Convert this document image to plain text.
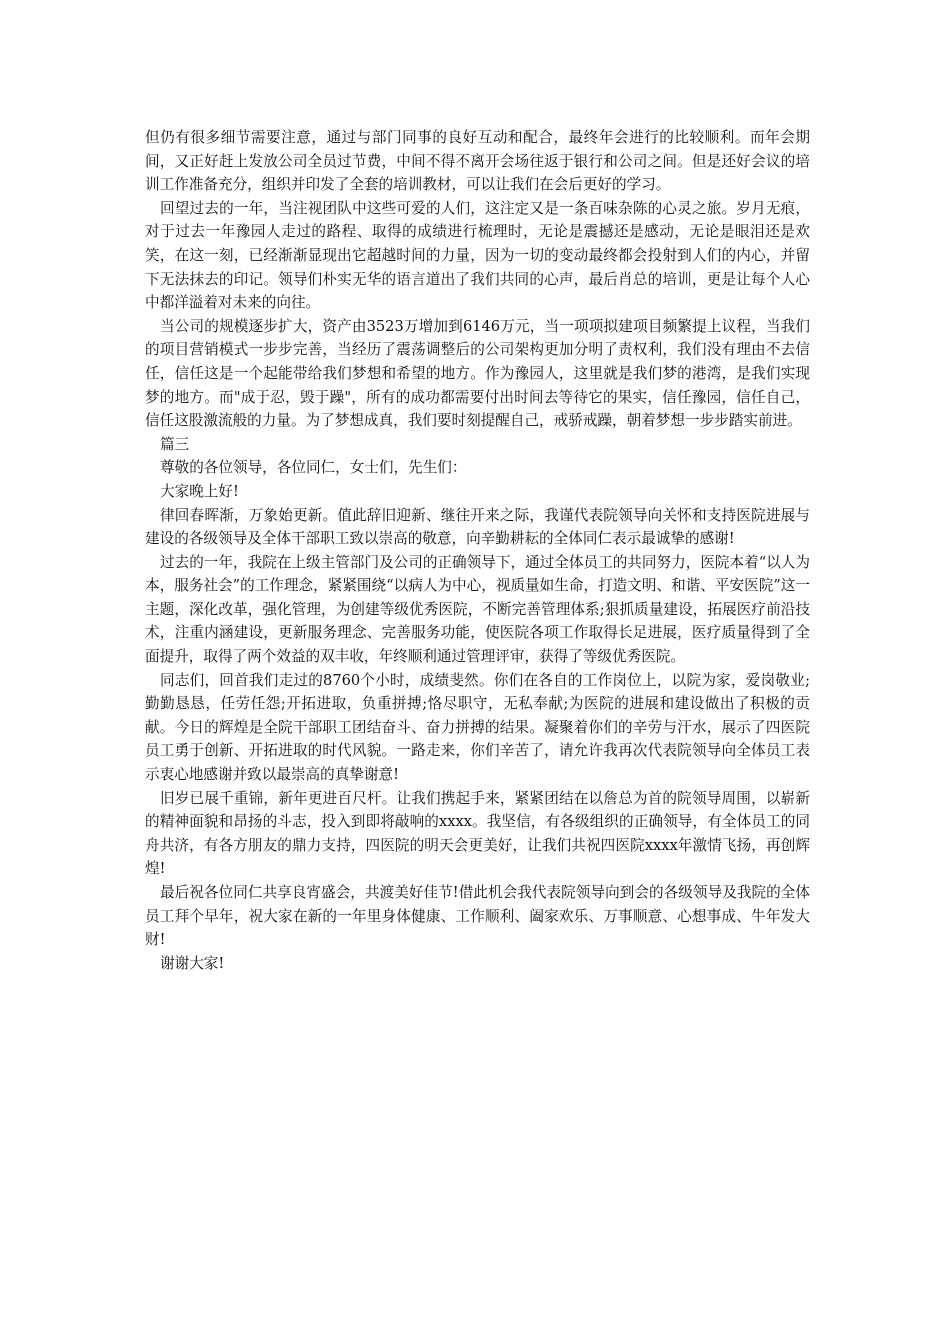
但仍有很多细节需要注意，通过与部门同事的良好互动和配合，最终年会进行的比较顺利。而年会期间，又正好赶上发放公司全员过节费，中间不得不离开会场往返于银行和公司之间。但是还好会议的培训工作准备充分，组织并印发了全套的培训教材，可以让我们在会后更好的学习。

回望过去的一年，当注视团队中这些可爱的人们，这注定又是一条百味杂陈的心灵之旅。岁月无痕，对于过去一年豫园人走过的路程、取得的成绩进行梳理时，无论是震撼还是感动，无论是眼泪还是欢笑，在这一刻，已经渐渐显现出它超越时间的力量，因为一切的变动最终都会投射到人们的内心，并留下无法抹去的印记。领导们朴实无华的语言道出了我们共同的心声，最后肖总的培训，更是让每个人心中都洋溢着对未来的向往。

当公司的规模逐步扩大，资产由3523万增加到6146万元，当一项项拟建项目频繁提上议程，当我们的项目营销模式一步步完善，当经历了震荡调整后的公司架构更加分明了责权利，我们没有理由不去信任，信任这是一个起能带给我们梦想和希望的地方。作为豫园人，这里就是我们梦的港湾，是我们实现梦的地方。而"成于忍，毁于躁"，所有的成功都需要付出时间去等待它的果实，信任豫园，信任自己，信任这股激流般的力量。为了梦想成真，我们要时刻提醒自己，戒骄戒躁，朝着梦想一步步踏实前进。

篇三

尊敬的各位领导，各位同仁，女士们，先生们：

大家晚上好!

律回春晖渐，万象始更新。值此辞旧迎新、继往开来之际，我谨代表院领导向关怀和支持医院进展与建设的各级领导及全体干部职工致以崇高的敬意，向辛勤耕耘的全体同仁表示最诚挚的感谢!

过去的一年，我院在上级主管部门及公司的正确领导下，通过全体员工的共同努力，医院本着“以人为本，服务社会”的工作理念，紧紧围绕“以病人为中心，视质量如生命，打造文明、和谐、平安医院”这一主题，深化改革，强化管理，为创建等级优秀医院，不断完善管理体系;狠抓质量建设，拓展医疗前沿技术，注重内涵建设，更新服务理念、完善服务功能，使医院各项工作取得长足进展，医疗质量得到了全面提升，取得了两个效益的双丰收，年终顺利通过管理评审，获得了等级优秀医院。

同志们，回首我们走过的8760个小时，成绩斐然。你们在各自的工作岗位上，以院为家，爱岗敬业;勤勤恳恳，任劳任怨;开拓进取，负重拼搏;恪尽职守，无私奉献;为医院的进展和建设做出了积极的贡献。今日的辉煌是全院干部职工团结奋斗、奋力拼搏的结果。凝聚着你们的辛劳与汗水，展示了四医院员工勇于创新、开拓进取的时代风貌。一路走来，你们辛苦了，请允许我再次代表院领导向全体员工表示衷心地感谢并致以最崇高的真挚谢意!

旧岁已展千重锦，新年更进百尺杆。让我们携起手来，紧紧团结在以詹总为首的院领导周围，以崭新的精神面貌和昂扬的斗志，投入到即将敲响的xxxx。我坚信，有各级组织的正确领导，有全体员工的同舟共济，有各方朋友的鼎力支持，四医院的明天会更美好，让我们共祝四医院xxxx年激情飞扬，再创辉煌!

最后祝各位同仁共享良宵盛会，共渡美好佳节!借此机会我代表院领导向到会的各级领导及我院的全体员工拜个早年，祝大家在新的一年里身体健康、工作顺利、阖家欢乐、万事顺意、心想事成、牛年发大财!

谢谢大家!
